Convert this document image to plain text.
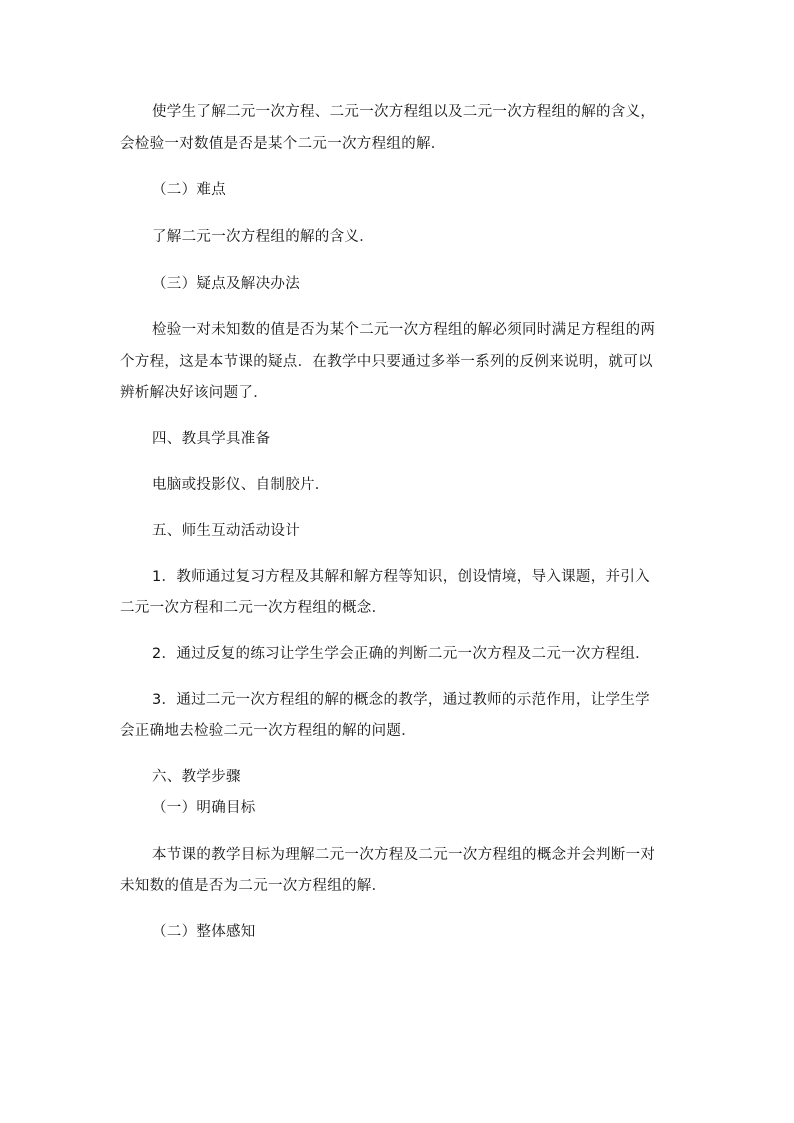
使学生了解二元一次方程、二元一次方程组以及二元一次方程组的解的含义，
会检验一对数值是否是某个二元一次方程组的解．
（二）难点
了解二元一次方程组的解的含义．
（三）疑点及解决办法
检验一对未知数的值是否为某个二元一次方程组的解必须同时满足方程组的两
个方程，这是本节课的疑点．在教学中只要通过多举一系列的反例来说明，就可以
辨析解决好该问题了．
四、教具学具准备
电脑或投影仪、自制胶片．
五、师生互动活动设计
1．教师通过复习方程及其解和解方程等知识，创设情境，导入课题，并引入
二元一次方程和二元一次方程组的概念．
2．通过反复的练习让学生学会正确的判断二元一次方程及二元一次方程组．
3．通过二元一次方程组的解的概念的教学，通过教师的示范作用，让学生学
会正确地去检验二元一次方程组的解的问题．
六、教学步骤
（一）明确目标
本节课的教学目标为理解二元一次方程及二元一次方程组的概念并会判断一对
未知数的值是否为二元一次方程组的解．
（二）整体感知
